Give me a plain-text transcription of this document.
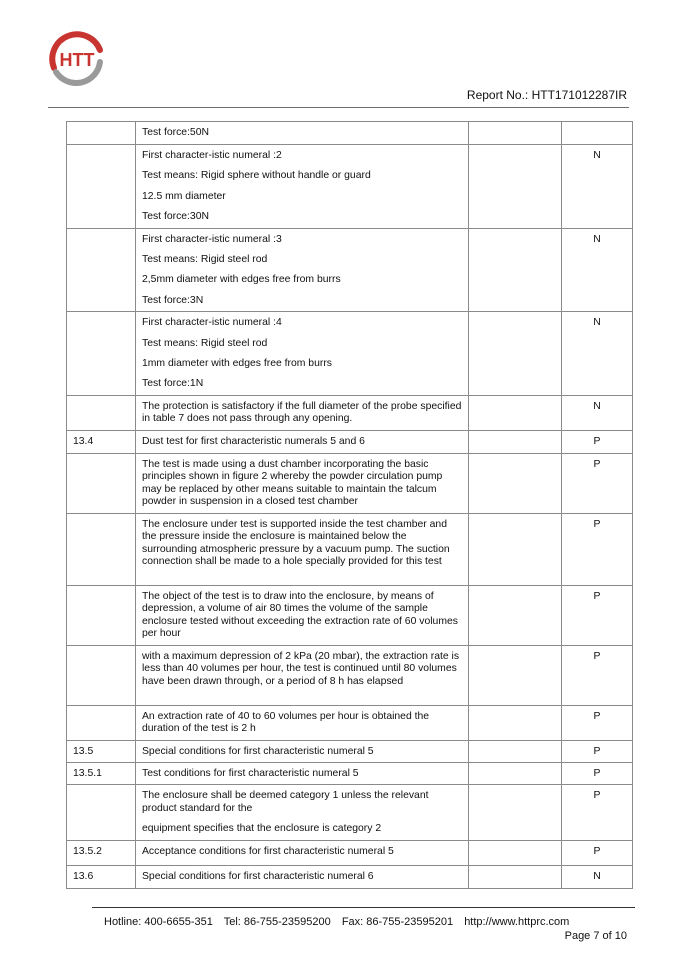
HTT
Report No.: HTT171012287IR

	Test force:50N		

	First character-istic numeral :2
Test means: Rigid sphere without handle or guard
12.5 mm diameter
Test force:30N		N

	First character-istic numeral :3
Test means: Rigid steel rod
2,5mm diameter with edges free from burrs
Test force:3N		N

	First character-istic numeral :4
Test means: Rigid steel rod
1mm diameter with edges free from burrs
Test force:1N		N

	The protection is satisfactory if the full diameter of the probe specified in table 7 does not pass through any opening.		N
13.4	Dust test for first characteristic numerals 5 and 6		P

	The test is made using a dust chamber incorporating the basic principles shown in figure 2 whereby the powder circulation pump may be replaced by other means suitable to maintain the talcum powder in suspension in a closed test chamber		P

	The enclosure under test is supported inside the test chamber and the pressure inside the enclosure is maintained below the surrounding atmospheric pressure by a vacuum pump. The suction connection shall be made to a hole specially provided for this test		P

	The object of the test is to draw into the enclosure, by means of depression, a volume of air 80 times the volume of the sample enclosure tested without exceeding the extraction rate of 60 volumes per hour		P

	with a maximum depression of 2 kPa (20 mbar), the extraction rate is less than 40 volumes per hour, the test is continued until 80 volumes have been drawn through, or a period of 8 h has elapsed		P

	An extraction rate of 40 to 60 volumes per hour is obtained the duration of the test is 2 h		P
13.5	Special conditions for first characteristic numeral 5		P
13.5.1	Test conditions for first characteristic numeral 5		P

	The enclosure shall be deemed category 1 unless the relevant product standard for the
equipment specifies that the enclosure is category 2		P
13.5.2	Acceptance conditions for first characteristic numeral 5		P
13.6	Special conditions for first characteristic numeral 6		N
Hotline: 400-6655-351 Tel: 86-755-23595200 Fax: 86-755-23595201 http://www.httprc.com
Page 7 of 10
